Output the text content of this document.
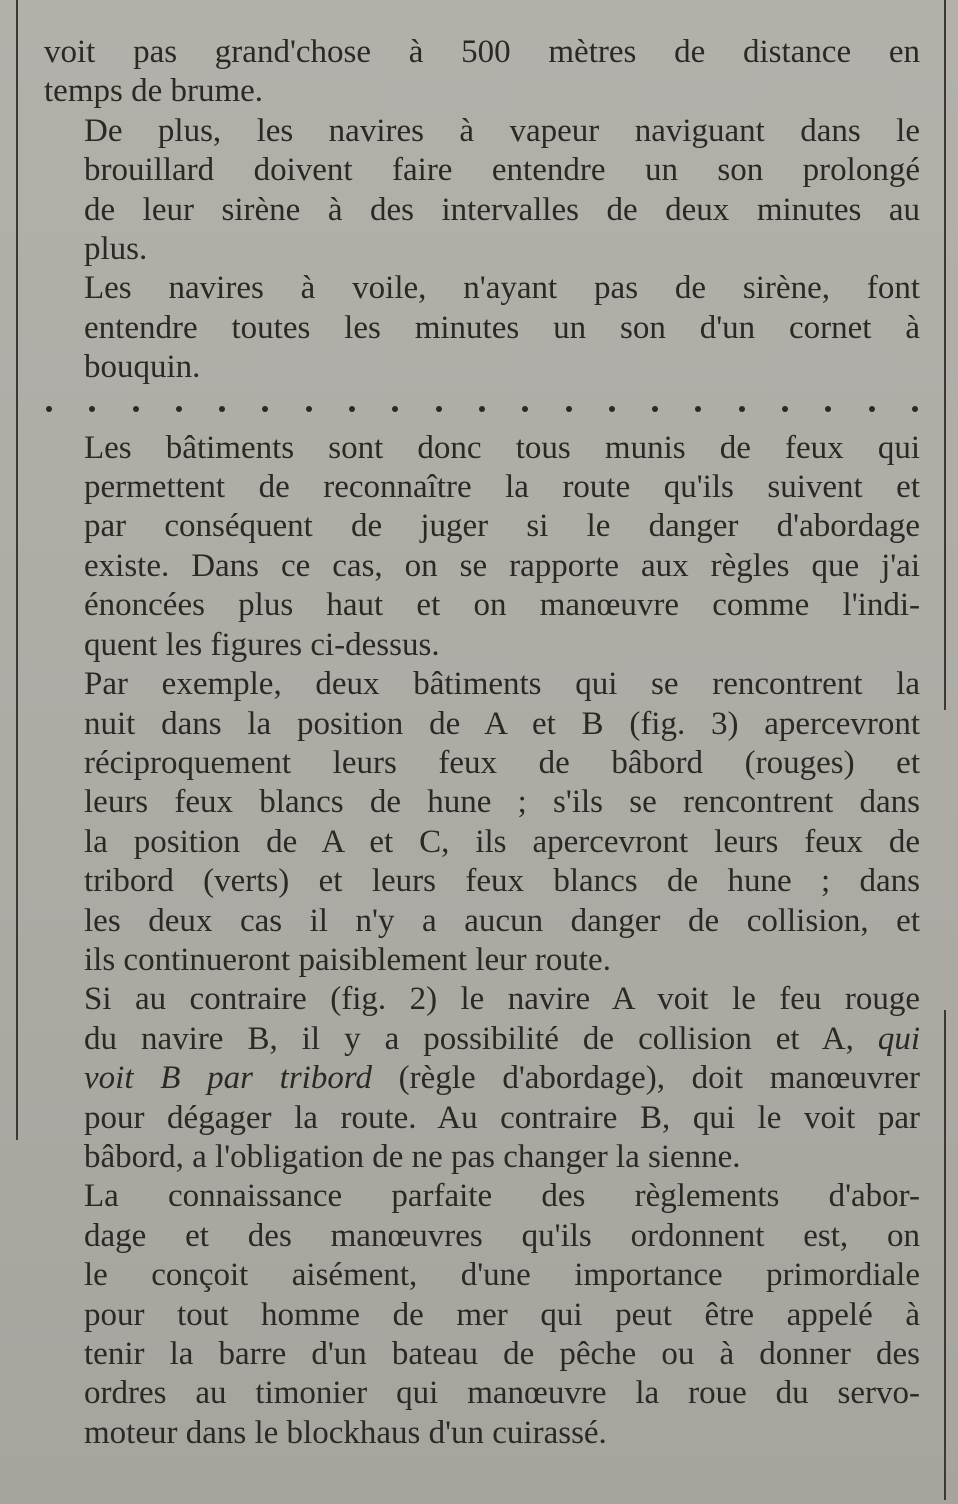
voit pas grand'chose à 500 mètres de distance en
temps de brume.

De plus, les navires à vapeur naviguant dans le
brouillard doivent faire entendre un son prolongé
de leur sirène à des intervalles de deux minutes au
plus.

Les navires à voile, n'ayant pas de sirène, font
entendre toutes les minutes un son d'un cornet à
bouquin.

Les bâtiments sont donc tous munis de feux qui
permettent de reconnaître la route qu'ils suivent et
par conséquent de juger si le danger d'abordage
existe. Dans ce cas, on se rapporte aux règles que j'ai
énoncées plus haut et on manœuvre comme l'indi-
quent les figures ci-dessus.

Par exemple, deux bâtiments qui se rencontrent la
nuit dans la position de A et B (fig. 3) apercevront
réciproquement leurs feux de bâbord (rouges) et
leurs feux blancs de hune ; s'ils se rencontrent dans
la position de A et C, ils apercevront leurs feux de
tribord (verts) et leurs feux blancs de hune ; dans
les deux cas il n'y a aucun danger de collision, et
ils continueront paisiblement leur route.

Si au contraire (fig. 2) le navire A voit le feu rouge
du navire B, il y a possibilité de collision et A, qui
voit B par tribord (règle d'abordage), doit manœuvrer
pour dégager la route. Au contraire B, qui le voit par
bâbord, a l'obligation de ne pas changer la sienne.

La connaissance parfaite des règlements d'abor-
dage et des manœuvres qu'ils ordonnent est, on
le conçoit aisément, d'une importance primordiale
pour tout homme de mer qui peut être appelé à
tenir la barre d'un bateau de pêche ou à donner des
ordres au timonier qui manœuvre la roue du servo-
moteur dans le blockhaus d'un cuirassé.
